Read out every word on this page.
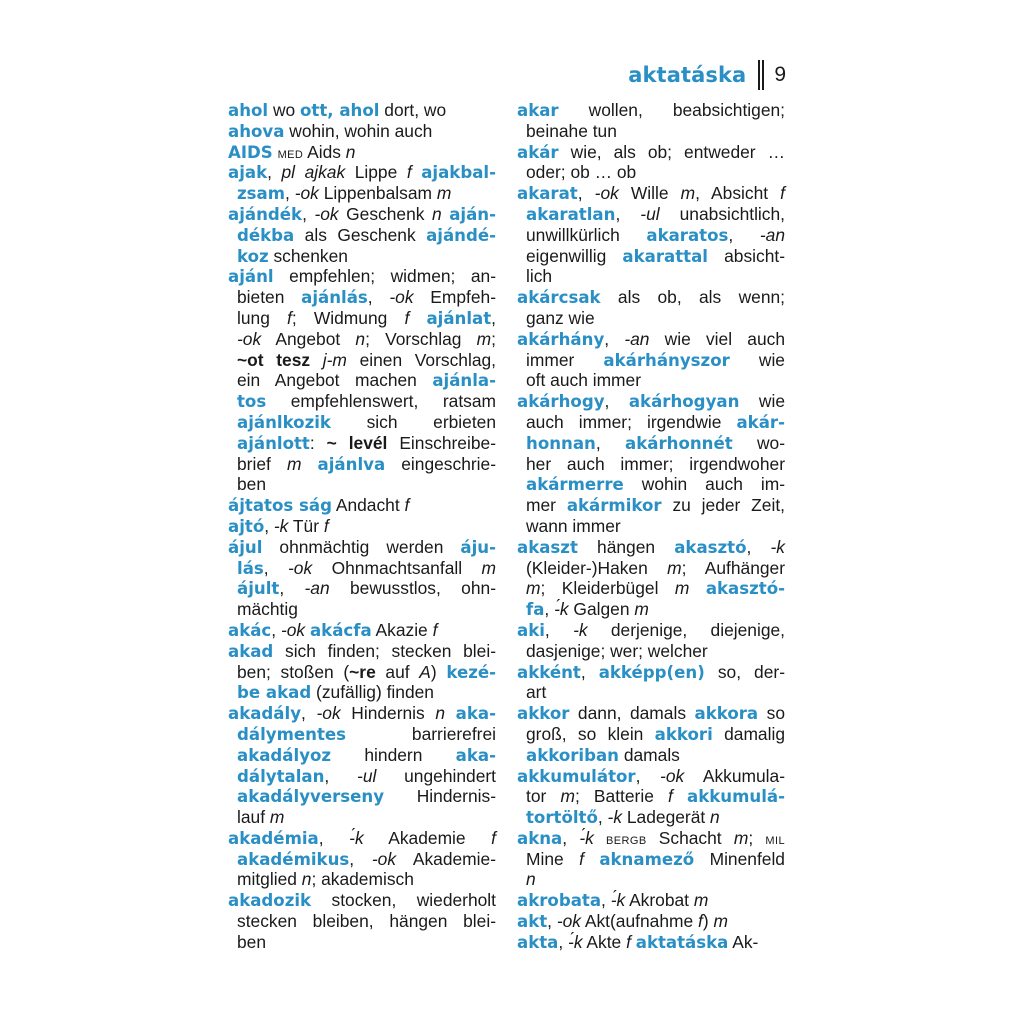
aktatáska 9
ahol wo ott, ahol dort, wo
ahova wohin, wohin auch
AIDS med Aids n
ajak, pl ajkak Lippe f ajakbal-
zsam, -ok Lippenbalsam m
ajándék, -ok Geschenk n aján-
dékba als Geschenk ajándé-
koz schenken
ajánl empfehlen; widmen; an-
bieten ajánlás, -ok Empfeh-
lung f; Widmung f ajánlat,
-ok Angebot n; Vorschlag m;
~ot tesz j-m einen Vorschlag,
ein Angebot machen ajánla-
tos empfehlenswert, ratsam
ajánlkozik sich erbieten
ajánlott: ~ levél Einschreibe-
brief m ajánlva eingeschrie-
ben
ájtatos ság Andacht f
ajtó, -k Tür f
ájul ohnmächtig werden áju-
lás, -ok Ohnmachtsanfall m
ájult, -an bewusstlos, ohn-
mächtig
akác, -ok akácfa Akazie f
akad sich finden; stecken blei-
ben; stoßen (~re auf A) kezé-
be akad (zufällig) finden
akadály, -ok Hindernis n aka-
dálymentes barrierefrei
akadályoz hindern aka-
dálytalan, -ul ungehindert
akadályverseny Hindernis-
lauf m
akadémia, -́k Akademie f
akadémikus, -ok Akademie-
mitglied n; akademisch
akadozik stocken, wiederholt
stecken bleiben, hängen blei-
ben
akar wollen, beabsichtigen;
beinahe tun
akár wie, als ob; entweder …
oder; ob … ob
akarat, -ok Wille m, Absicht f
akaratlan, -ul unabsichtlich,
unwillkürlich akaratos, -an
eigenwillig akarattal absicht-
lich
akárcsak als ob, als wenn;
ganz wie
akárhány, -an wie viel auch
immer akárhányszor wie
oft auch immer
akárhogy, akárhogyan wie
auch immer; irgendwie akár-
honnan, akárhonnét wo-
her auch immer; irgendwoher
akármerre wohin auch im-
mer akármikor zu jeder Zeit,
wann immer
akaszt hängen akasztó, -k
(Kleider-)Haken m; Aufhänger
m; Kleiderbügel m akasztó-
fa, -́k Galgen m
aki, -k derjenige, diejenige,
dasjenige; wer; welcher
akként, akképp(en) so, der-
art
akkor dann, damals akkora so
groß, so klein akkori damalig
akkoriban damals
akkumulátor, -ok Akkumula-
tor m; Batterie f akkumulá-
tortöltő, -k Ladegerät n
akna, -́k bergb Schacht m; mil
Mine f aknamező Minenfeld
n
akrobata, -́k Akrobat m
akt, -ok Akt(aufnahme f) m
akta, -́k Akte f aktatáska Ak-
